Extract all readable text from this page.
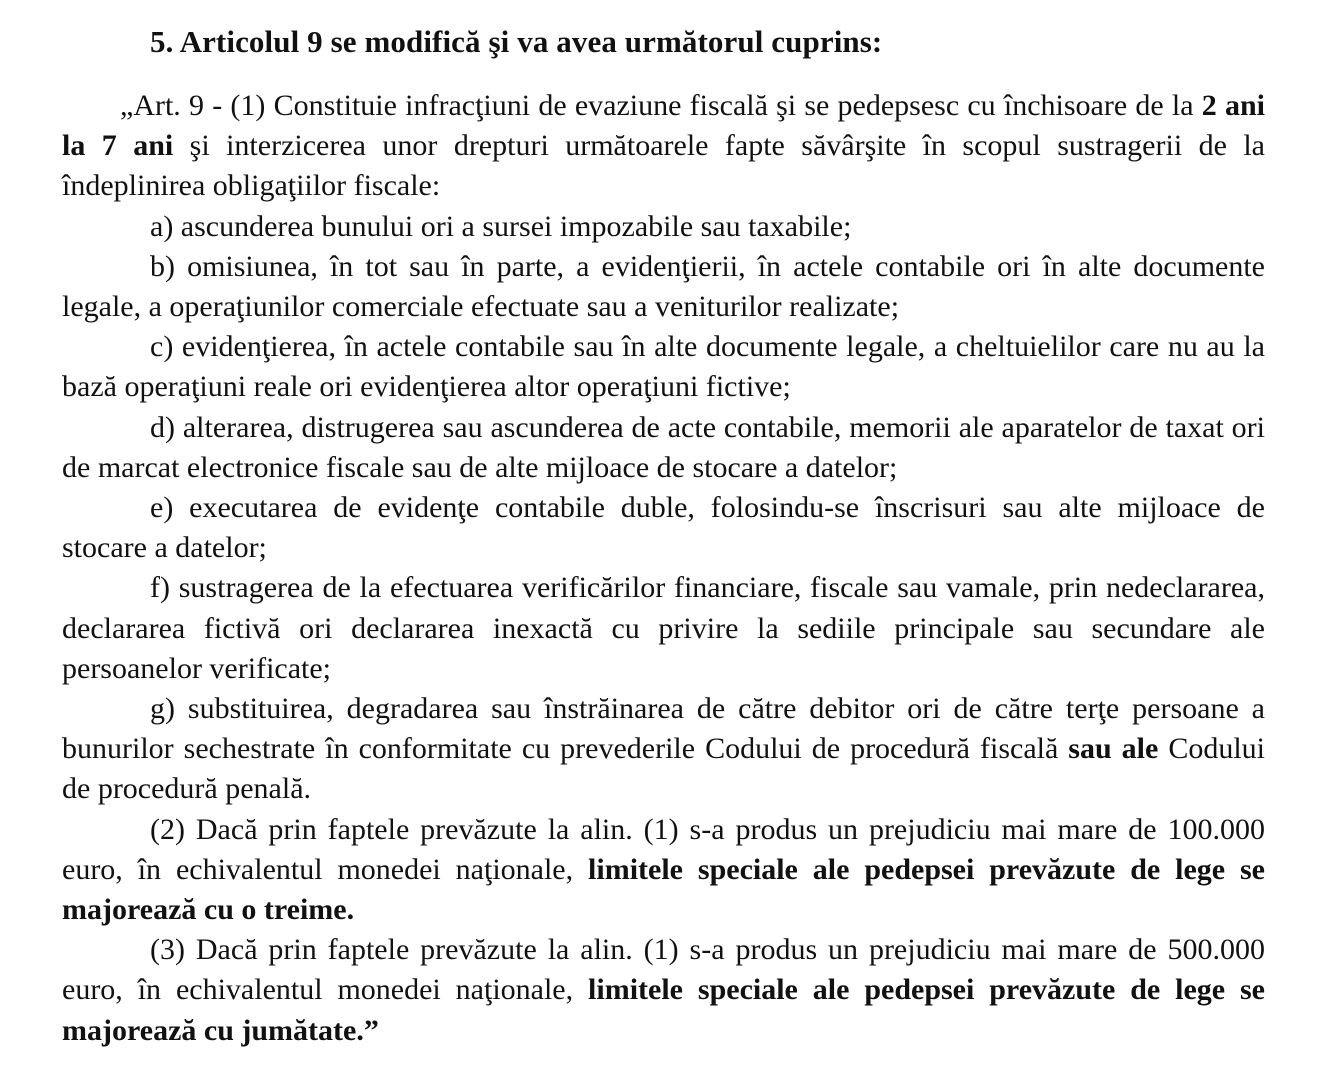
5. Articolul 9 se modifică şi va avea următorul cuprins:

„Art. 9 - (1) Constituie infracţiuni de evaziune fiscală şi se pedepsesc cu închisoare de la 2 ani la 7 ani şi interzicerea unor drepturi următoarele fapte săvârşite în scopul sustragerii de la îndeplinirea obligaţiilor fiscale:

a) ascunderea bunului ori a sursei impozabile sau taxabile;

b) omisiunea, în tot sau în parte, a evidenţierii, în actele contabile ori în alte documente legale, a operaţiunilor comerciale efectuate sau a veniturilor realizate;

c) evidenţierea, în actele contabile sau în alte documente legale, a cheltuielilor care nu au la bază operaţiuni reale ori evidenţierea altor operaţiuni fictive;

d) alterarea, distrugerea sau ascunderea de acte contabile, memorii ale aparatelor de taxat ori de marcat electronice fiscale sau de alte mijloace de stocare a datelor;

e) executarea de evidenţe contabile duble, folosindu-se înscrisuri sau alte mijloace de stocare a datelor;

f) sustragerea de la efectuarea verificărilor financiare, fiscale sau vamale, prin nedeclararea, declararea fictivă ori declararea inexactă cu privire la sediile principale sau secundare ale persoanelor verificate;

g) substituirea, degradarea sau înstrăinarea de către debitor ori de către terţe persoane a bunurilor sechestrate în conformitate cu prevederile Codului de procedură fiscală sau ale Codului de procedură penală.

(2) Dacă prin faptele prevăzute la alin. (1) s-a produs un prejudiciu mai mare de 100.000 euro, în echivalentul monedei naţionale, limitele speciale ale pedepsei prevăzute de lege se majorează cu o treime.

(3) Dacă prin faptele prevăzute la alin. (1) s-a produs un prejudiciu mai mare de 500.000 euro, în echivalentul monedei naţionale, limitele speciale ale pedepsei prevăzute de lege se majorează cu jumătate.”
